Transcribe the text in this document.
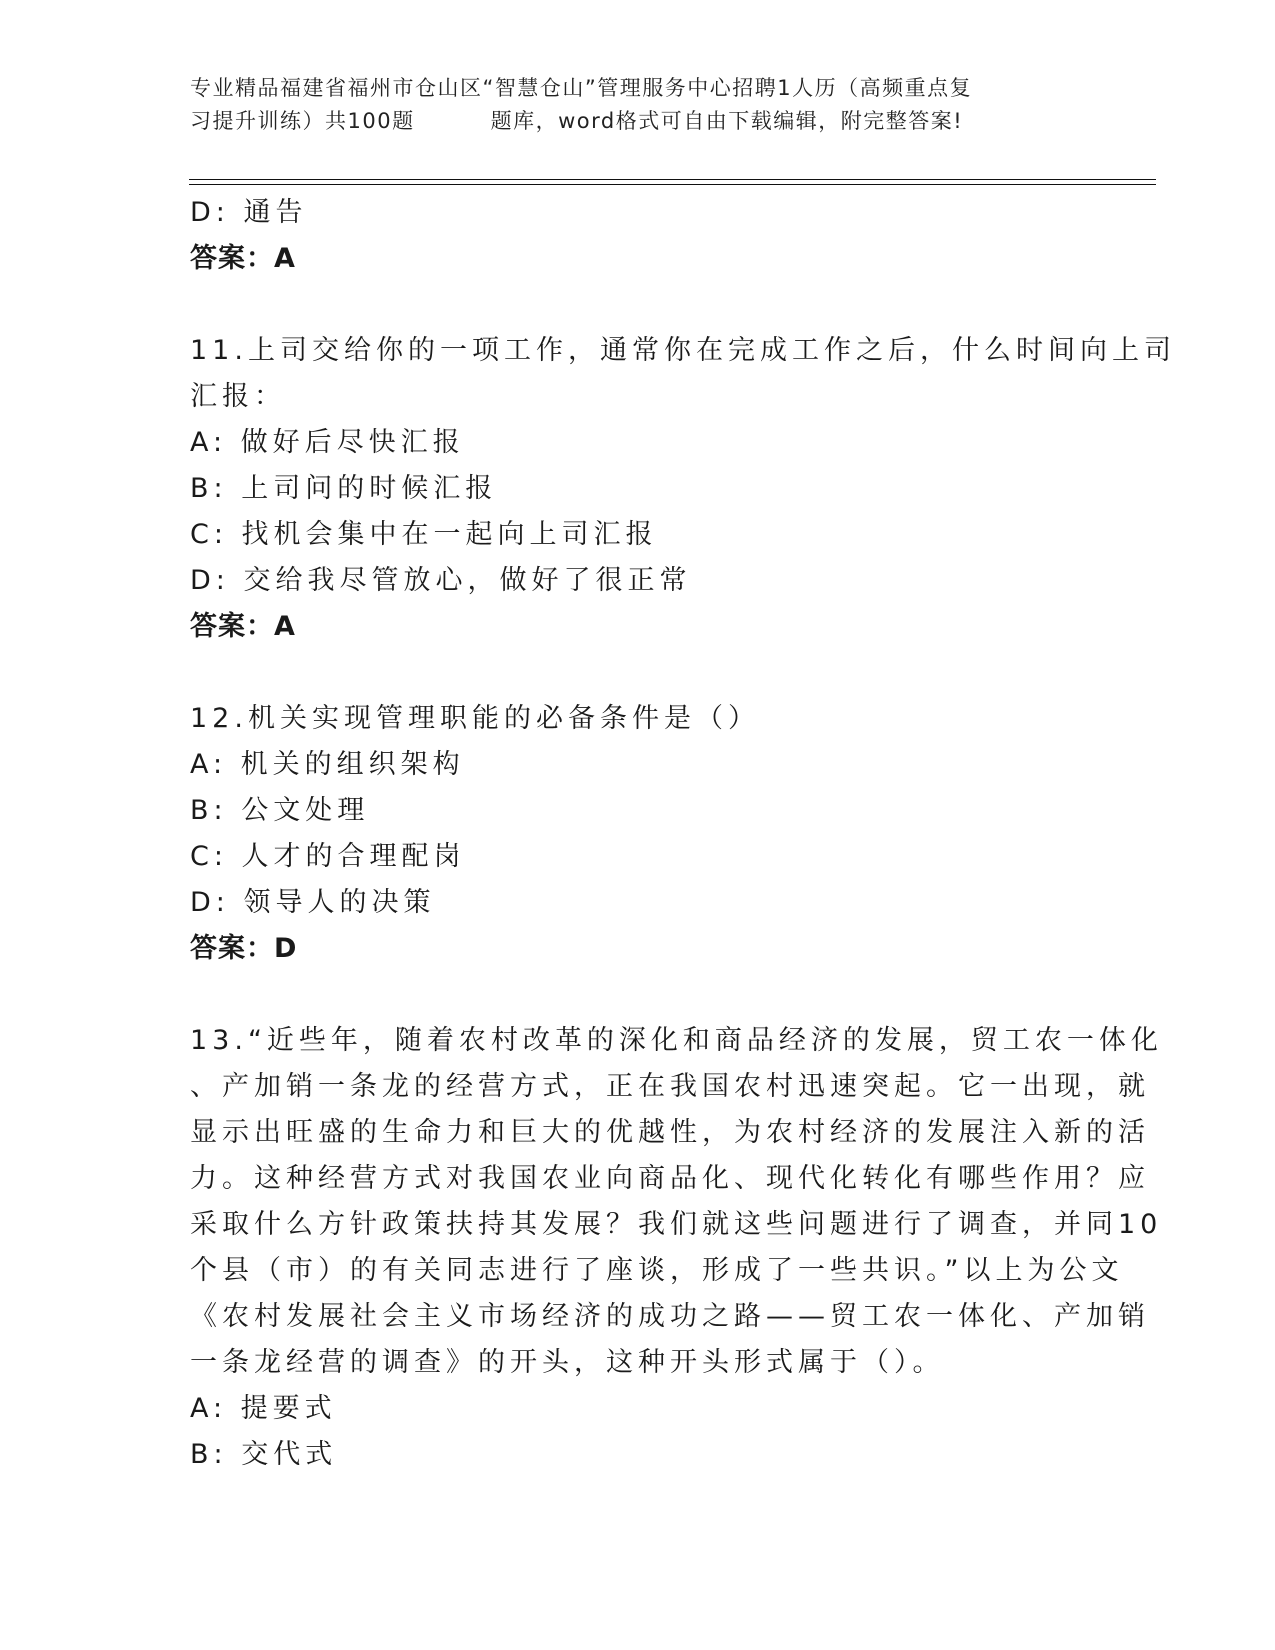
专业精品福建省福州市仓山区“智慧仓山”管理服务中心招聘1人历（高频重点复
习提升训练）共100题	题库，word格式可自由下载编辑，附完整答案!
D: 通告
答案：A
11.上司交给你的一项工作，通常你在完成工作之后，什么时间向上司
汇报：
A: 做好后尽快汇报
B: 上司问的时候汇报
C: 找机会集中在一起向上司汇报
D: 交给我尽管放心，做好了很正常
答案：A
12.机关实现管理职能的必备条件是（）
A: 机关的组织架构
B: 公文处理
C: 人才的合理配岗
D: 领导人的决策
答案：D
13.“近些年，随着农村改革的深化和商品经济的发展，贸工农一体化
、产加销一条龙的经营方式，正在我国农村迅速突起。它一出现，就
显示出旺盛的生命力和巨大的优越性，为农村经济的发展注入新的活
力。这种经营方式对我国农业向商品化、现代化转化有哪些作用？应
采取什么方针政策扶持其发展？我们就这些问题进行了调查，并同10
个县（市）的有关同志进行了座谈，形成了一些共识。”以上为公文
《农村发展社会主义市场经济的成功之路——贸工农一体化、产加销
一条龙经营的调查》的开头，这种开头形式属于（）。
A: 提要式
B: 交代式
